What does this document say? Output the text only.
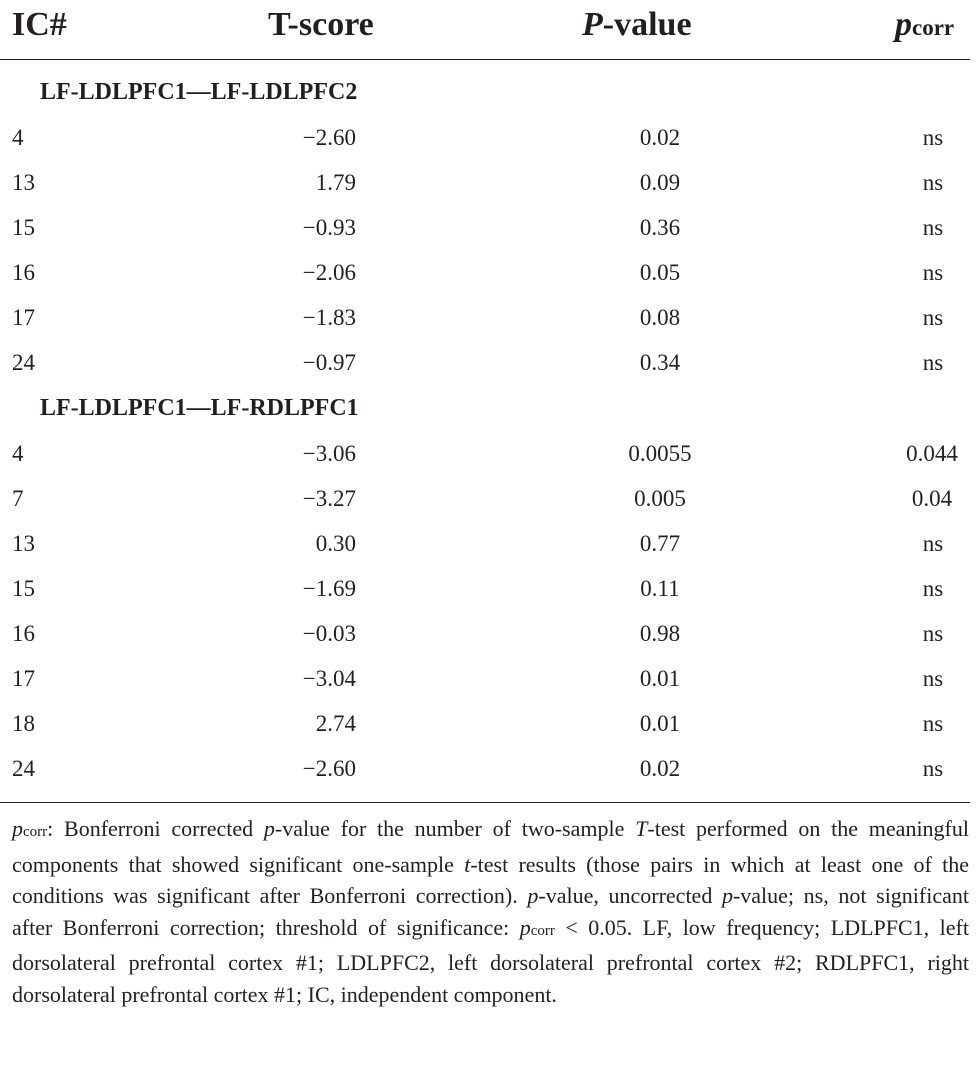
IC#	T-score	P-value	pcorr
LF-LDLPFC1—LF-LDLPFC2
4	−2.60	0.02	ns
13	1.79	0.09	ns
15	−0.93	0.36	ns
16	−2.06	0.05	ns
17	−1.83	0.08	ns
24	−0.97	0.34	ns
LF-LDLPFC1—LF-RDLPFC1
4	−3.06	0.0055	0.044
7	−3.27	0.005	0.04
13	0.30	0.77	ns
15	−1.69	0.11	ns
16	−0.03	0.98	ns
17	−3.04	0.01	ns
18	2.74	0.01	ns
24	−2.60	0.02	ns
pcorr: Bonferroni corrected p-value for the number of two-sample T-test performed on the meaningful components that showed significant one-sample t-test results (those pairs in which at least one of the conditions was significant after Bonferroni correction). p-value, uncorrected p-value; ns, not significant after Bonferroni correction; threshold of significance: pcorr < 0.05. LF, low frequency; LDLPFC1, left dorsolateral prefrontal cortex #1; LDLPFC2, left dorsolateral prefrontal cortex #2; RDLPFC1, right dorsolateral prefrontal cortex #1; IC, independent component.
